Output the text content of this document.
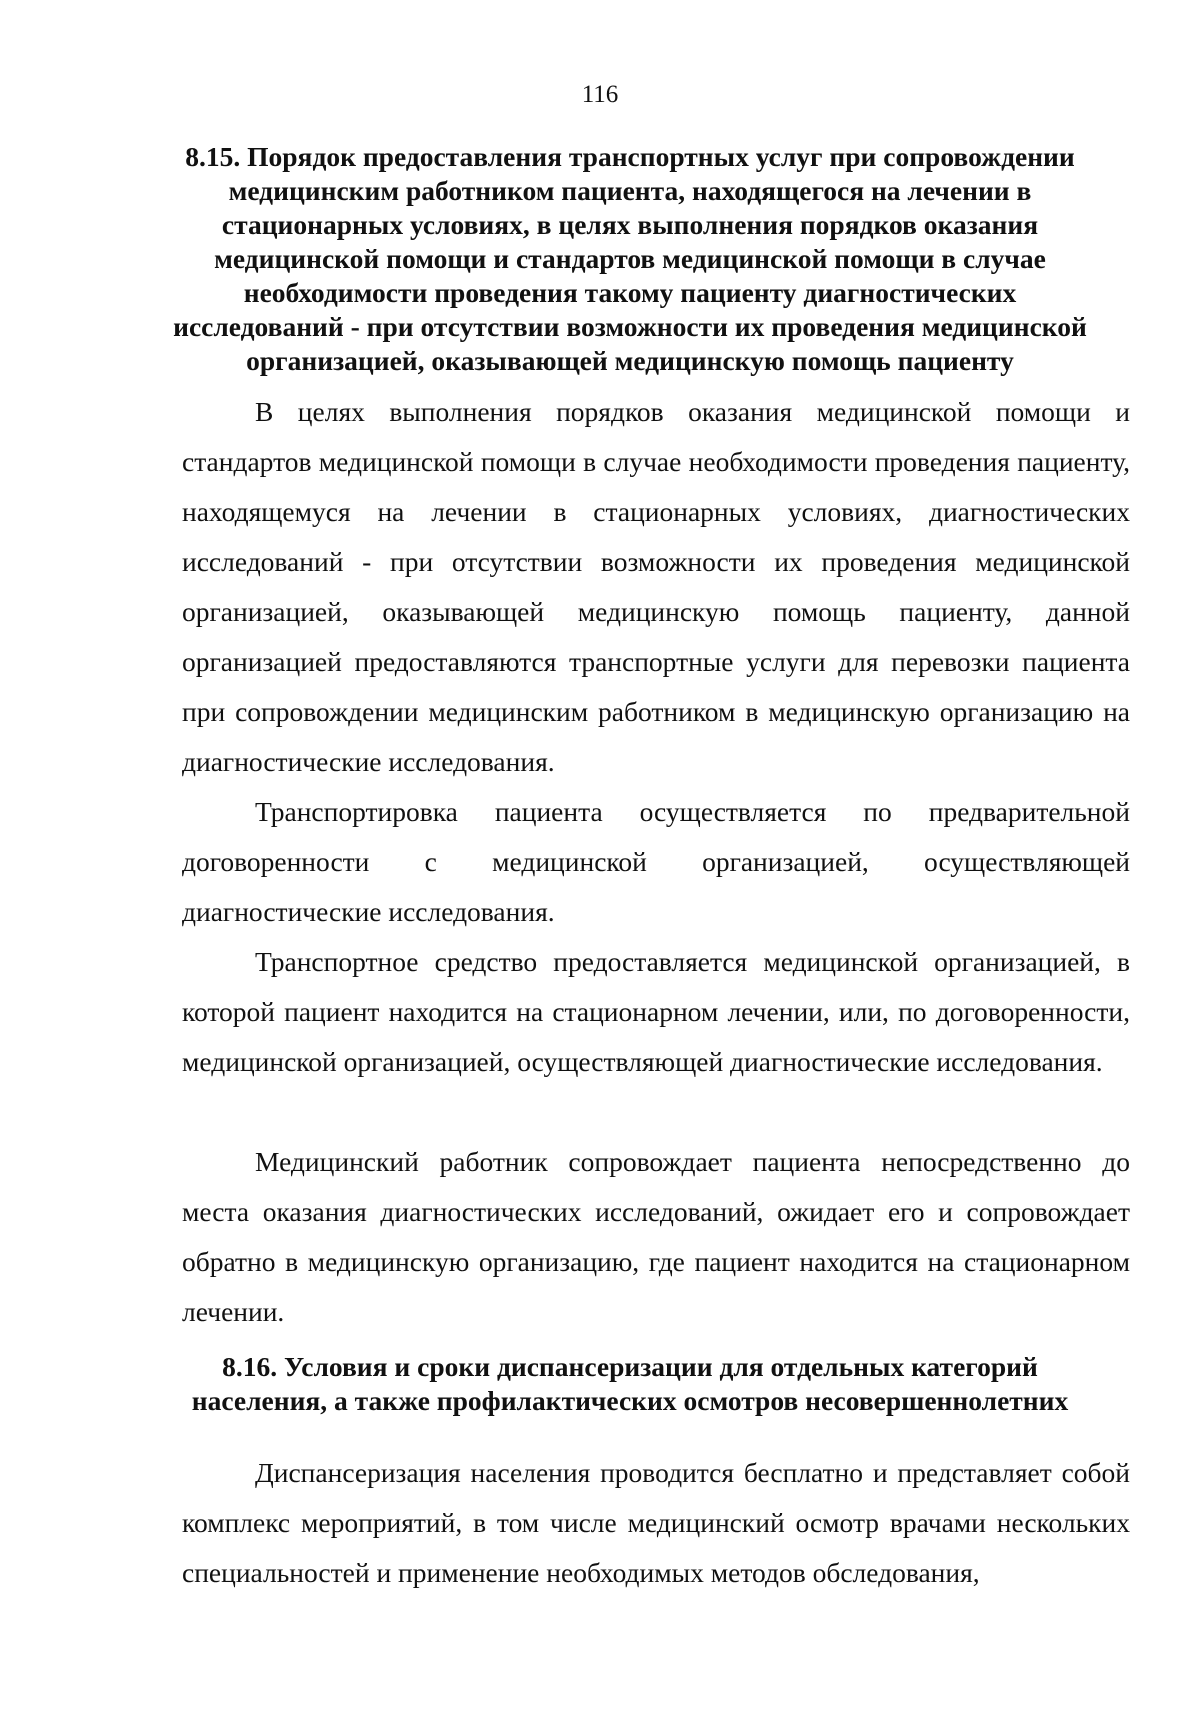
116
8.15. Порядок предоставления транспортных услуг при сопровождении медицинским работником пациента, находящегося на лечении в стационарных условиях, в целях выполнения порядков оказания медицинской помощи и стандартов медицинской помощи в случае необходимости проведения такому пациенту диагностических исследований - при отсутствии возможности их проведения медицинской организацией, оказывающей медицинскую помощь пациенту

В целях выполнения порядков оказания медицинской помощи и стандартов медицинской помощи в случае необходимости проведения пациенту, находящемуся на лечении в стационарных условиях, диагностических исследований - при отсутствии возможности их проведения медицинской организацией, оказывающей медицинскую помощь пациенту, данной организацией предоставляются транспортные услуги для перевозки пациента при сопровождении медицинским работником в медицинскую организацию на диагностические исследования.

Транспортировка пациента осуществляется по предварительной договоренности с медицинской организацией, осуществляющей диагностические исследования.

Транспортное средство предоставляется медицинской организацией, в которой пациент находится на стационарном лечении, или, по договоренности, медицинской организацией, осуществляющей диагностические исследования.

Медицинский работник сопровождает пациента непосредственно до места оказания диагностических исследований, ожидает его и сопровождает обратно в медицинскую организацию, где пациент находится на стационарном лечении.

8.16. Условия и сроки диспансеризации для отдельных категорий населения, а также профилактических осмотров несовершеннолетних

Диспансеризация населения проводится бесплатно и представляет собой комплекс мероприятий, в том числе медицинский осмотр врачами нескольких специальностей и применение необходимых методов обследования,
